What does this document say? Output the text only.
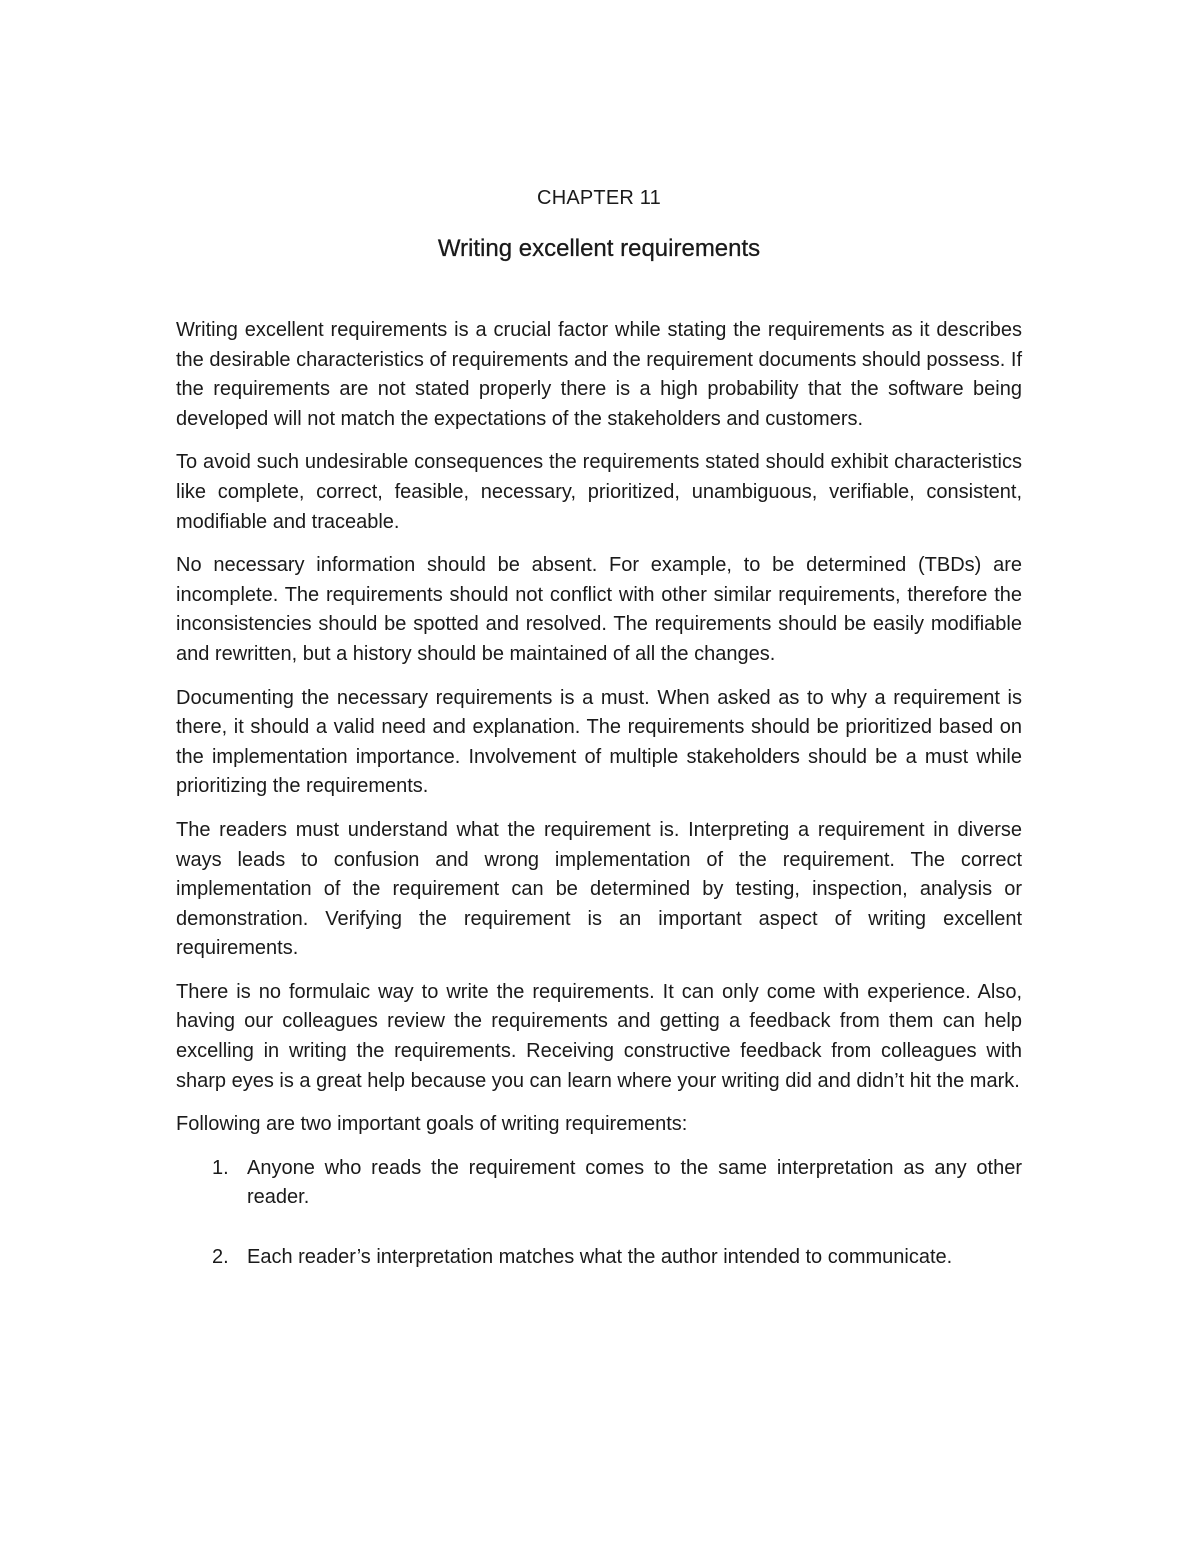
CHAPTER 11
Writing excellent requirements

Writing excellent requirements is a crucial factor while stating the requirements as it describes the desirable characteristics of requirements and the requirement documents should possess. If the requirements are not stated properly there is a high probability that the software being developed will not match the expectations of the stakeholders and customers.

To avoid such undesirable consequences the requirements stated should exhibit characteristics like complete, correct, feasible, necessary, prioritized, unambiguous, verifiable, consistent, modifiable and traceable.

No necessary information should be absent. For example, to be determined (TBDs) are incomplete. The requirements should not conflict with other similar requirements, therefore the inconsistencies should be spotted and resolved. The requirements should be easily modifiable and rewritten, but a history should be maintained of all the changes.

Documenting the necessary requirements is a must. When asked as to why a requirement is there, it should a valid need and explanation. The requirements should be prioritized based on the implementation importance. Involvement of multiple stakeholders should be a must while prioritizing the requirements.

The readers must understand what the requirement is. Interpreting a requirement in diverse ways leads to confusion and wrong implementation of the requirement. The correct implementation of the requirement can be determined by testing, inspection, analysis or demonstration. Verifying the requirement is an important aspect of writing excellent requirements.

There is no formulaic way to write the requirements. It can only come with experience. Also, having our colleagues review the requirements and getting a feedback from them can help excelling in writing the requirements. Receiving constructive feedback from colleagues with sharp eyes is a great help because you can learn where your writing did and didn’t hit the mark.

Following are two important goals of writing requirements:

1. Anyone who reads the requirement comes to the same interpretation as any other reader.
2. Each reader’s interpretation matches what the author intended to communicate.
